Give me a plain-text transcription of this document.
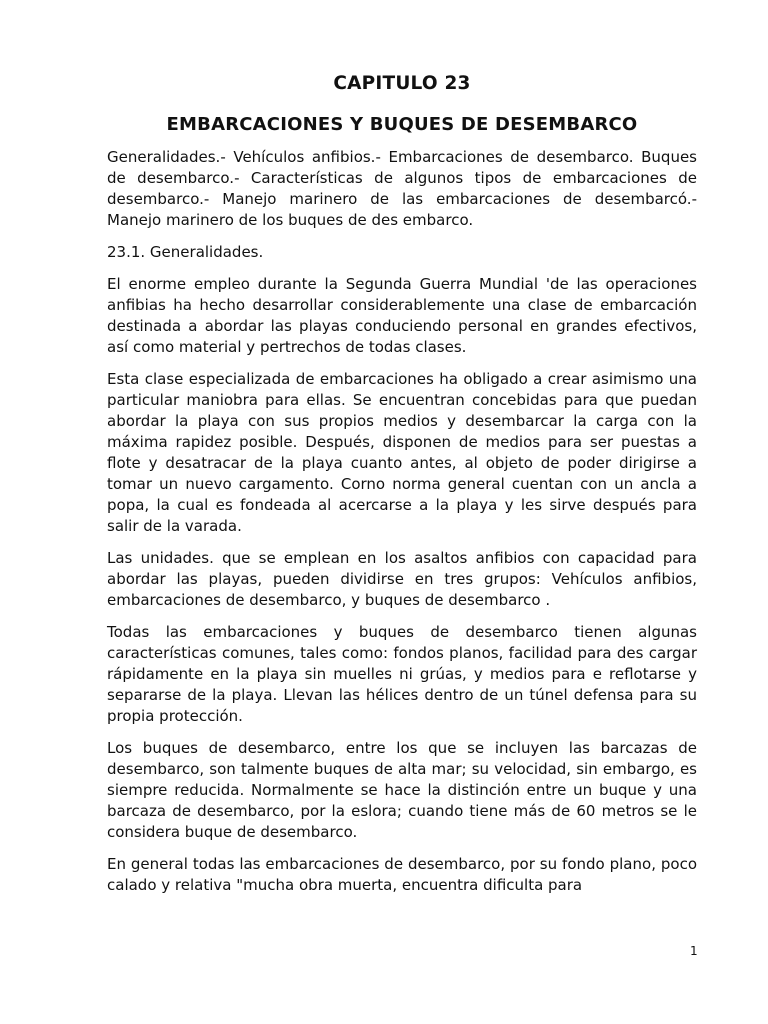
CAPITULO 23
EMBARCACIONES Y BUQUES DE DESEMBARCO

Generalidades.- Vehículos anfibios.- Embarcaciones de desembarco. Buques de desembarco.- Características de algunos tipos de embarcaciones de desembarco.- Manejo marinero de las embarcaciones de desembarcó.- Manejo marinero de los buques de des embarco.

23.1. Generalidades.

El enorme empleo durante la Segunda Guerra Mundial 'de las operaciones anfibias ha hecho desarrollar considerablemente una clase de embarcación destinada a abordar las playas conduciendo personal en grandes efectivos, así como material y pertrechos de todas clases.

Esta clase especializada de embarcaciones ha obligado a crear asimismo una particular maniobra para ellas. Se encuentran concebidas para que puedan abordar la playa con sus propios medios y desembarcar la carga con la máxima rapidez posible. Después, disponen de medios para ser puestas a flote y desatracar de la playa cuanto antes, al objeto de poder dirigirse a tomar un nuevo cargamento. Corno norma general cuentan con un ancla a popa, la cual es fondeada al acercarse a la playa y les sirve después para salir de la varada.

Las unidades. que se emplean en los asaltos anfibios con capacidad para abordar las playas, pueden dividirse en tres grupos: Vehículos anfibios, embarcaciones de desembarco, y buques de desembarco .

Todas las embarcaciones y buques de desembarco tienen algunas características comunes, tales como: fondos planos, facilidad para des cargar rápidamente en la playa sin muelles ni grúas, y medios para e reflotarse y separarse de la playa. Llevan las hélices dentro de un túnel defensa para su propia protección.

Los buques de desembarco, entre los que se incluyen las barcazas de desembarco, son talmente buques de alta mar; su velocidad, sin embargo, es siempre reducida. Normalmente se hace la distinción entre un buque y una barcaza de desembarco, por la eslora; cuando tiene más de 60 metros se le considera buque de desembarco.

En general todas las embarcaciones de desembarco, por su fondo plano, poco calado y relativa "mucha obra muerta, encuentra dificulta para

1
